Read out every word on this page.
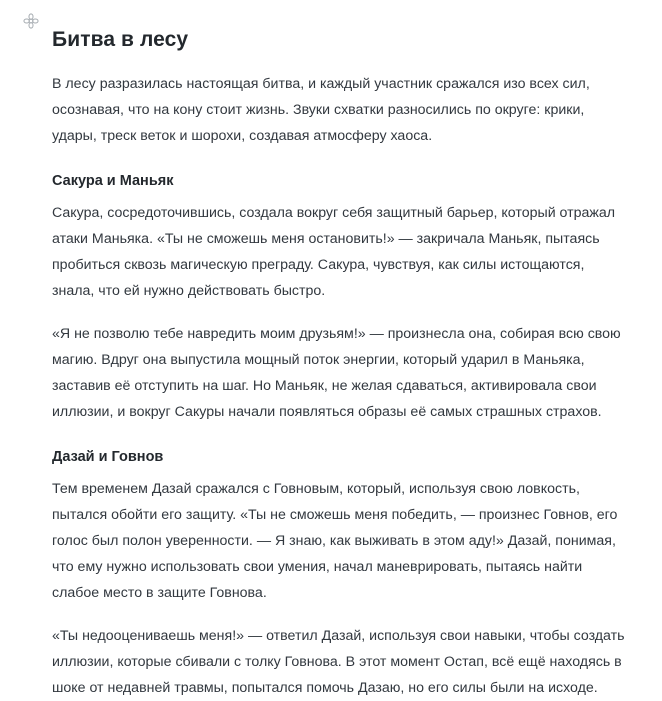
Битва в лесу

В лесу разразилась настоящая битва, и каждый участник сражался изо всех сил, осознавая, что на кону стоит жизнь. Звуки схватки разносились по округе: крики, удары, треск веток и шорохи, создавая атмосферу хаоса.

Сакура и Маньяк

Сакура, сосредоточившись, создала вокруг себя защитный барьер, который отражал атаки Маньяка. «Ты не сможешь меня остановить!» — закричала Маньяк, пытаясь пробиться сквозь магическую преграду. Сакура, чувствуя, как силы истощаются, знала, что ей нужно действовать быстро.

«Я не позволю тебе навредить моим друзьям!» — произнесла она, собирая всю свою магию. Вдруг она выпустила мощный поток энергии, который ударил в Маньяка, заставив её отступить на шаг. Но Маньяк, не желая сдаваться, активировала свои иллюзии, и вокруг Сакуры начали появляться образы её самых страшных страхов.

Дазай и Говнов

Тем временем Дазай сражался с Говновым, который, используя свою ловкость, пытался обойти его защиту. «Ты не сможешь меня победить, — произнес Говнов, его голос был полон уверенности. — Я знаю, как выживать в этом аду!» Дазай, понимая, что ему нужно использовать свои умения, начал маневрировать, пытаясь найти слабое место в защите Говнова.

«Ты недооцениваешь меня!» — ответил Дазай, используя свои навыки, чтобы создать иллюзии, которые сбивали с толку Говнова. В этот момент Остап, всё ещё находясь в шоке от недавней травмы, попытался помочь Дазаю, но его силы были на исходе.
